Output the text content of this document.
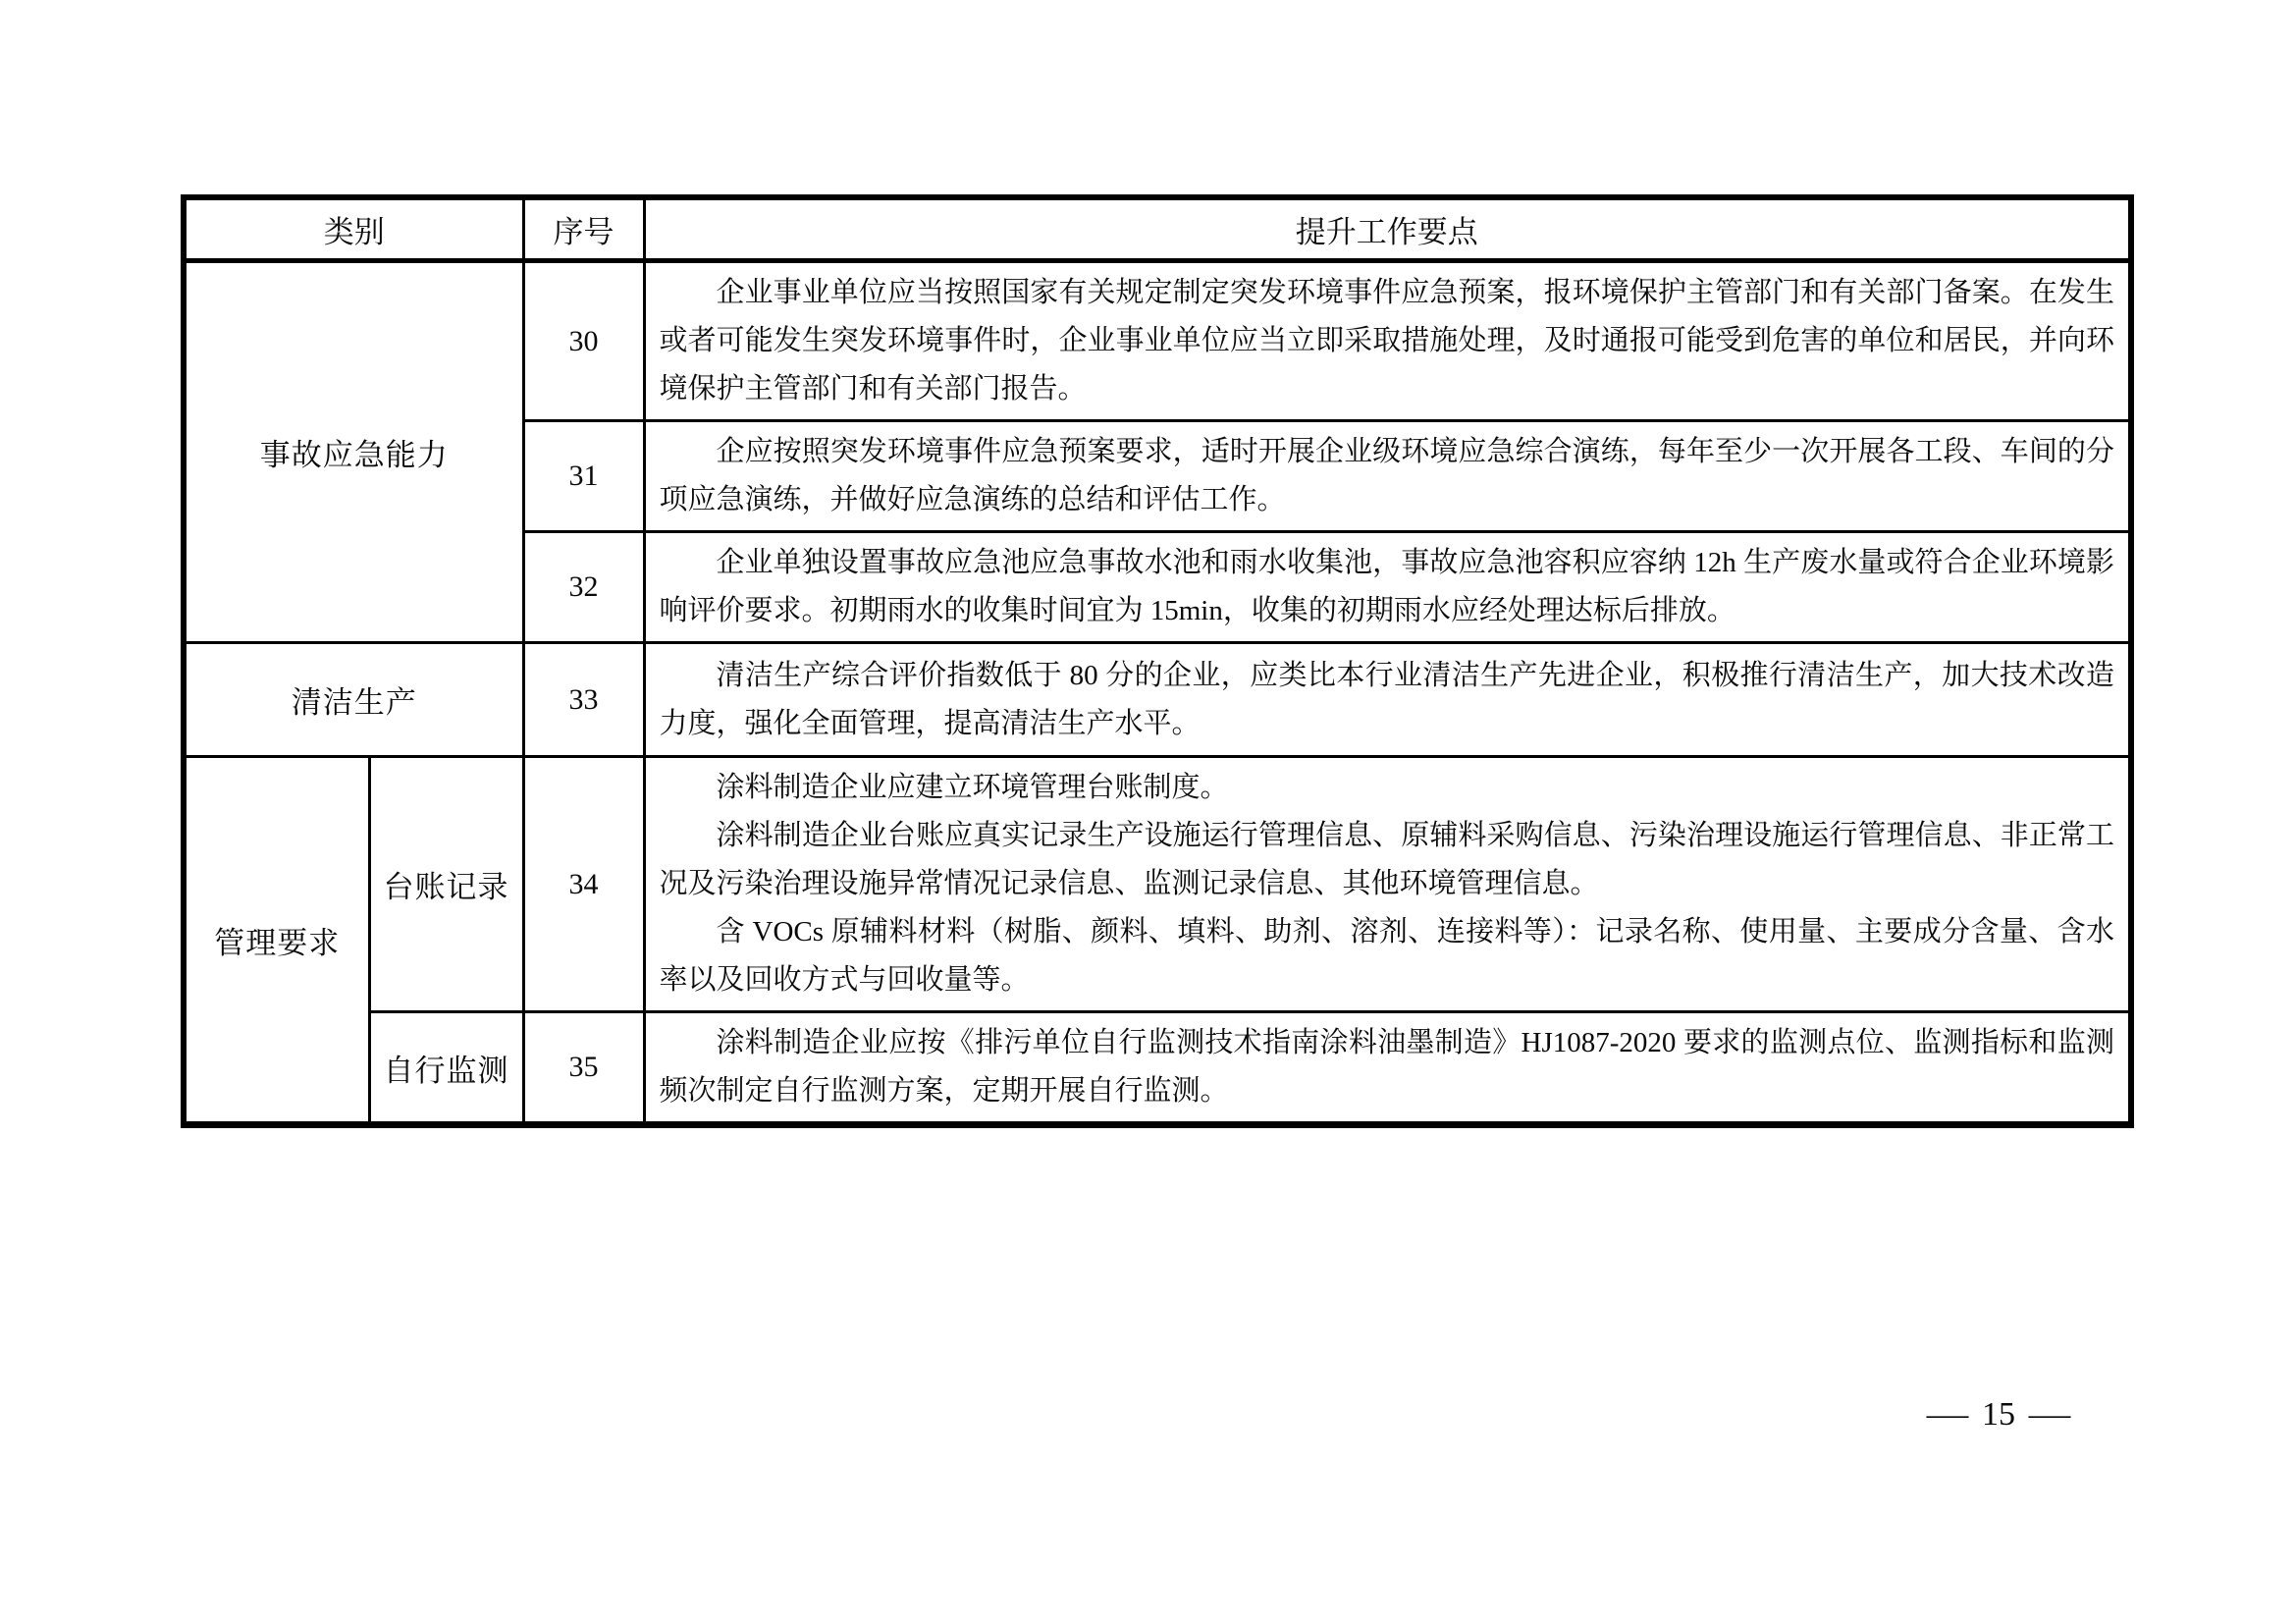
类别		序号	提升工作要点
事故应急能力		30	企业事业单位应当按照国家有关规定制定突发环境事件应急预案，报环境保护主管部门和有关部门备案。在发生或者可能发生突发环境事件时，企业事业单位应当立即采取措施处理，及时通报可能受到危害的单位和居民，并向环境保护主管部门和有关部门报告。

		31	企应按照突发环境事件应急预案要求，适时开展企业级环境应急综合演练，每年至少一次开展各工段、车间的分项应急演练，并做好应急演练的总结和评估工作。

		32	企业单独设置事故应急池应急事故水池和雨水收集池，事故应急池容积应容纳 12h 生产废水量或符合企业环境影响评价要求。初期雨水的收集时间宜为 15min，收集的初期雨水应经处理达标后排放。

清洁生产		33	清洁生产综合评价指数低于 80 分的企业，应类比本行业清洁生产先进企业，积极推行清洁生产，加大技术改造力度，强化全面管理，提高清洁生产水平。

管理要求	台账记录	34	涂料制造企业应建立环境管理台账制度。

涂料制造企业台账应真实记录生产设施运行管理信息、原辅料采购信息、污染治理设施运行管理信息、非正常工况及污染治理设施异常情况记录信息、监测记录信息、其他环境管理信息。

含 VOCs 原辅料材料（树脂、颜料、填料、助剂、溶剂、连接料等）：记录名称、使用量、主要成分含量、含水率以及回收方式与回收量等。

	自行监测	35	涂料制造企业应按《排污单位自行监测技术指南涂料油墨制造》HJ1087-2020 要求的监测点位、监测指标和监测频次制定自行监测方案，定期开展自行监测。

— 15 —
